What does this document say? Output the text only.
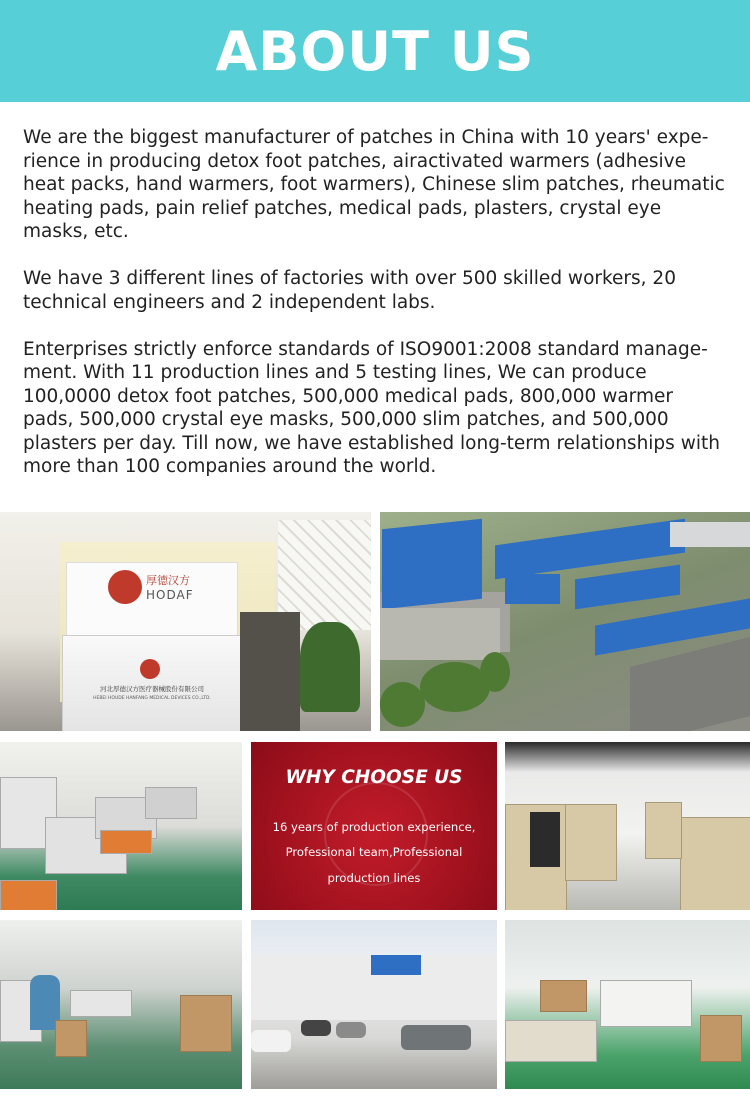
ABOUT US

We are the biggest manufacturer of patches in China with 10 years' expe-rience in producing detox foot patches, airactivated warmers (adhesive heat packs, hand warmers, foot warmers), Chinese slim patches, rheumatic heating pads, pain relief patches, medical pads, plasters, crystal eye masks, etc.

We have 3 different lines of factories with over 500 skilled workers, 20 technical engineers and 2 independent labs.

Enterprises strictly enforce standards of ISO9001:2008 standard manage-ment. With 11 production lines and 5 testing lines, We can produce 100,0000 detox foot patches, 500,000 medical pads, 800,000 warmer pads, 500,000 crystal eye masks, 500,000 slim patches, and 500,000 plasters per day. Till now, we have established long-term relationships with more than 100 companies around the world.

厚德汉方
HODAF
河北厚德汉方医疗器械股份有限公司
HEBEI HOUDE HANFANG MEDICAL DEVICES CO.,LTD.
WHY CHOOSE US
16 years of production experience,
Professional team,Professional
production lines
